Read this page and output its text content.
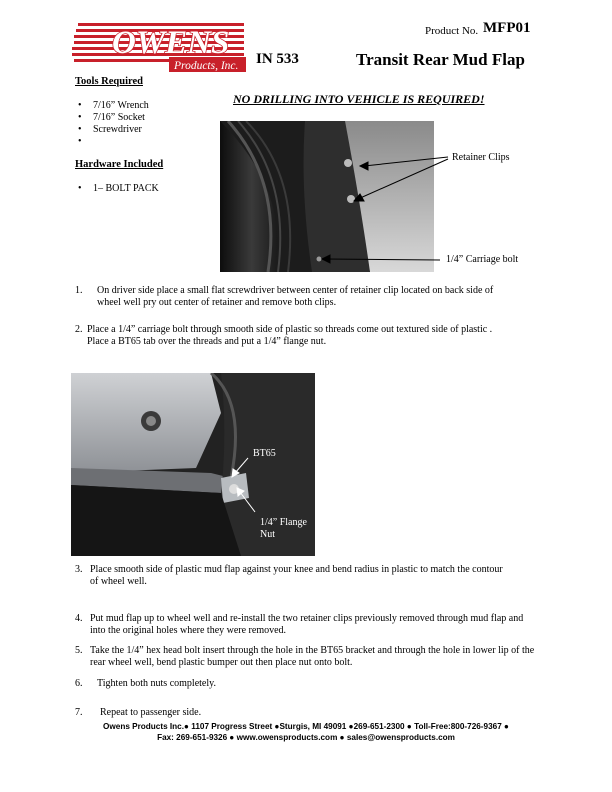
OWENS
Products, Inc.
Product No. MFP01
IN 533	Transit Rear Mud Flap
Tools Required
• 7/16” Wrench
• 7/16” Socket
• Screwdriver
•
Hardware Included
• 1– BOLT PACK
NO DRILLING INTO VEHICLE IS REQUIRED!
Retainer Clips
1/4” Carriage bolt
1. On driver side place a small flat screwdriver between center of retainer clip located on back side of
wheel well pry out center of retainer and remove both clips.
2. Place a 1/4” carriage bolt through smooth side of plastic so threads come out textured side of plastic .
Place a BT65 tab over the threads and put a 1/4” flange nut.
BT65
1/4” Flange
Nut
3. Place smooth side of plastic mud flap against your knee and bend radius in plastic to match the contour
of wheel well.
4. Put mud flap up to wheel well and re-install the two retainer clips previously removed through mud flap and
into the original holes where they were removed.
5. Take the 1/4” hex head bolt insert through the hole in the BT65 bracket and through the hole in lower lip of the
rear wheel well, bend plastic bumper out then place nut onto bolt.
6. Tighten both nuts completely.
7. Repeat to passenger side.
Owens Products Inc.● 1107 Progress Street ●Sturgis, MI 49091 ●269-651-2300 ● Toll-Free:800-726-9367 ●
Fax: 269-651-9326 ● www.owensproducts.com ● sales@owensproducts.com
